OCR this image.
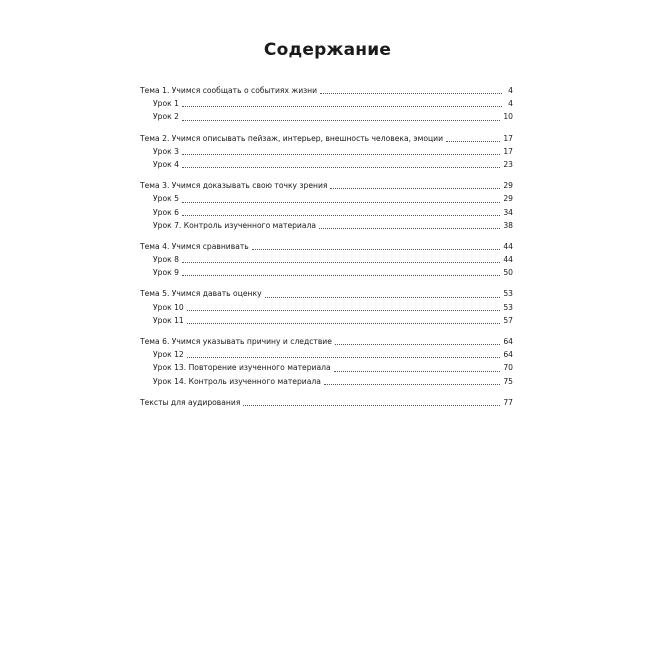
Содержание
Тема 1. Учимся сообщать о событиях жизни	4
Урок 1	4
Урок 2	10
Тема 2. Учимся описывать пейзаж, интерьер, внешность человека, эмоции	17
Урок 3	17
Урок 4	23
Тема 3. Учимся доказывать свою точку зрения	29
Урок 5	29
Урок 6	34
Урок 7. Контроль изученного материала	38
Тема 4. Учимся сравнивать	44
Урок 8	44
Урок 9	50
Тема 5. Учимся давать оценку	53
Урок 10	53
Урок 11	57
Тема 6. Учимся указывать причину и следствие	64
Урок 12	64
Урок 13. Повторение изученного материала	70
Урок 14. Контроль изученного материала	75
Тексты для аудирования	77
